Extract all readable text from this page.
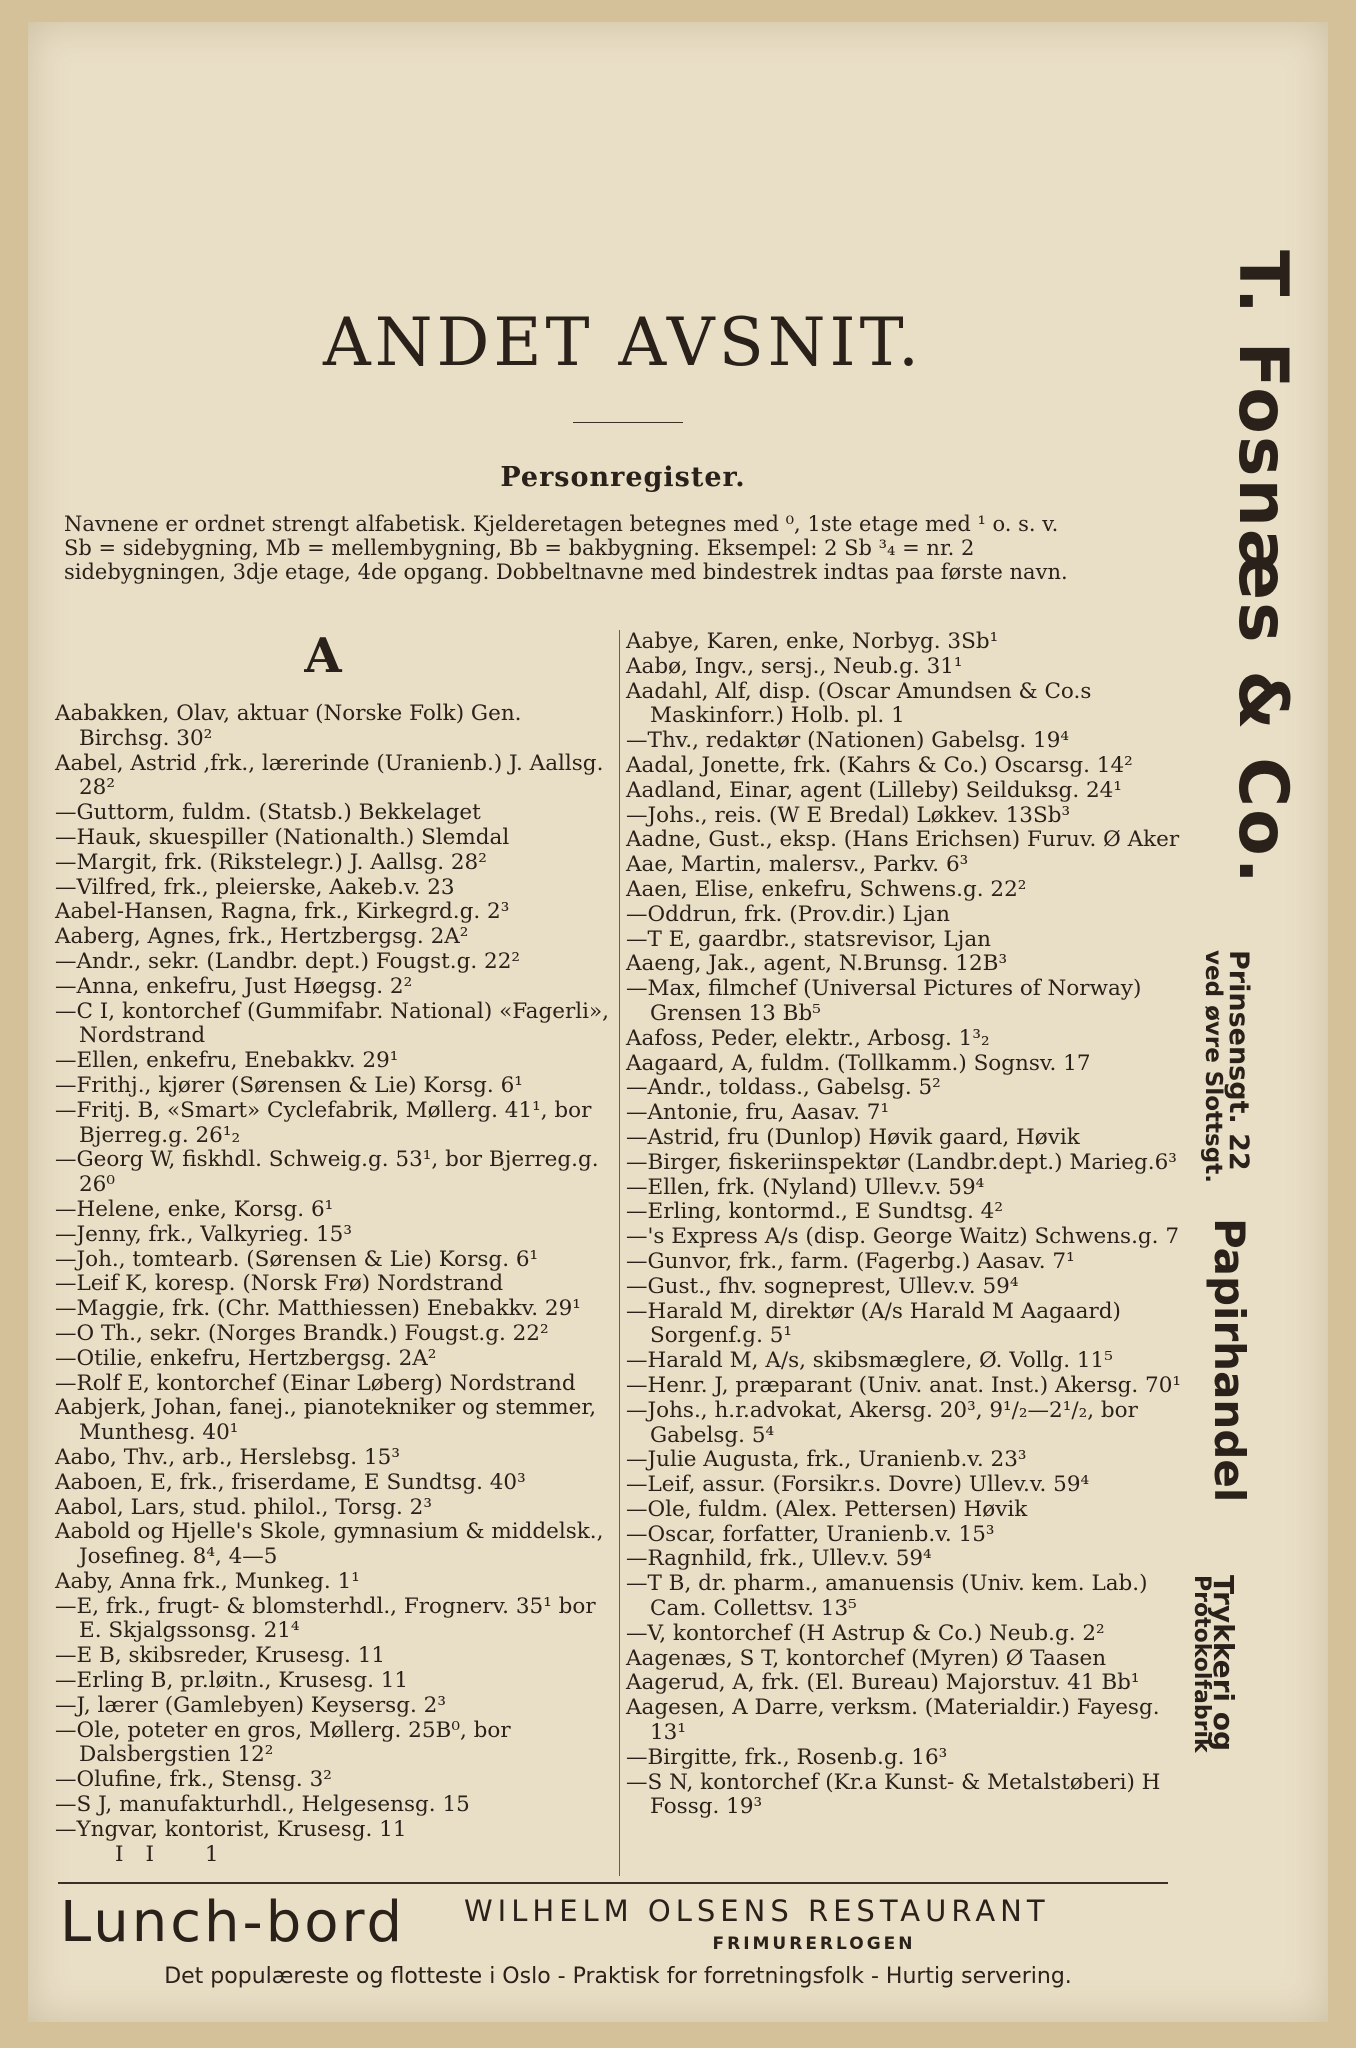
ANDET AVSNIT.
Personregister.

Navnene er ordnet strengt alfabetisk. Kjelderetagen betegnes med ⁰, 1ste etage med ¹ o. s. v.

Sb = sidebygning, Mb = mellembygning, Bb = bakbygning. Eksempel: 2 Sb ³₄ = nr. 2

sidebygningen, 3dje etage, 4de opgang. Dobbeltnavne med bindestrek indtas paa første navn.

A

Aabakken, Olav, aktuar (Norske Folk) Gen. Birchsg. 30²

Aabel, Astrid ,frk., lærerinde (Uranienb.) J. Aallsg. 28²

—Guttorm, fuldm. (Statsb.) Bekkelaget

—Hauk, skuespiller (Nationalth.) Slemdal

—Margit, frk. (Rikstelegr.) J. Aallsg. 28²

—Vilfred, frk., pleierske, Aakeb.v. 23

Aabel-Hansen, Ragna, frk., Kirkegrd.g. 2³

Aaberg, Agnes, frk., Hertzbergsg. 2A²

—Andr., sekr. (Landbr. dept.) Fougst.g. 22²

—Anna, enkefru, Just Høegsg. 2²

—C I, kontorchef (Gummifabr. National) «Fagerli», Nordstrand

—Ellen, enkefru, Enebakkv. 29¹

—Frithj., kjører (Sørensen & Lie) Korsg. 6¹

—Fritj. B, «Smart» Cyclefabrik, Møllerg. 41¹, bor Bjerreg.g. 26¹₂

—Georg W, fiskhdl. Schweig.g. 53¹, bor Bjerreg.g. 26⁰

—Helene, enke, Korsg. 6¹

—Jenny, frk., Valkyrieg. 15³

—Joh., tomtearb. (Sørensen & Lie) Korsg. 6¹

—Leif K, koresp. (Norsk Frø) Nordstrand

—Maggie, frk. (Chr. Matthiessen) Enebakkv. 29¹

—O Th., sekr. (Norges Brandk.) Fougst.g. 22²

—Otilie, enkefru, Hertzbergsg. 2A²

—Rolf E, kontorchef (Einar Løberg) Nordstrand

Aabjerk, Johan, fanej., pianotekniker og stemmer, Munthesg. 40¹

Aabo, Thv., arb., Herslebsg. 15³

Aaboen, E, frk., friserdame, E Sundtsg. 40³

Aabol, Lars, stud. philol., Torsg. 2³

Aabold og Hjelle's Skole, gymnasium & middelsk., Josefineg. 8⁴, 4—5

Aaby, Anna frk., Munkeg. 1¹

—E, frk., frugt- & blomsterhdl., Frognerv. 35¹ bor E. Skjalgssonsg. 21⁴

—E B, skibsreder, Krusesg. 11

—Erling B, pr.løitn., Krusesg. 11

—J, lærer (Gamlebyen) Keysersg. 2³

—Ole, poteter en gros, Møllerg. 25B⁰, bor Dalsbergstien 12²

—Olufine, frk., Stensg. 3²

—S J, manufakturhdl., Helgesensg. 15

—Yngvar, kontorist, Krusesg. 11

II 1

Aabye, Karen, enke, Norbyg. 3Sb¹

Aabø, Ingv., sersj., Neub.g. 31¹

Aadahl, Alf, disp. (Oscar Amundsen & Co.s Maskinforr.) Holb. pl. 1

—Thv., redaktør (Nationen) Gabelsg. 19⁴

Aadal, Jonette, frk. (Kahrs & Co.) Oscarsg. 14²

Aadland, Einar, agent (Lilleby) Seilduksg. 24¹

—Johs., reis. (W E Bredal) Løkkev. 13Sb³

Aadne, Gust., eksp. (Hans Erichsen) Furuv. Ø Aker

Aae, Martin, malersv., Parkv. 6³

Aaen, Elise, enkefru, Schwens.g. 22²

—Oddrun, frk. (Prov.dir.) Ljan

—T E, gaardbr., statsrevisor, Ljan

Aaeng, Jak., agent, N.Brunsg. 12B³

—Max, filmchef (Universal Pictures of Norway) Grensen 13 Bb⁵

Aafoss, Peder, elektr., Arbosg. 1³₂

Aagaard, A, fuldm. (Tollkamm.) Sognsv. 17

—Andr., toldass., Gabelsg. 5²

—Antonie, fru, Aasav. 7¹

—Astrid, fru (Dunlop) Høvik gaard, Høvik

—Birger, fiskeriinspektør (Landbr.dept.) Marieg.6³

—Ellen, frk. (Nyland) Ullev.v. 59⁴

—Erling, kontormd., E Sundtsg. 4²

—'s Express A/s (disp. George Waitz) Schwens.g. 7

—Gunvor, frk., farm. (Fagerbg.) Aasav. 7¹

—Gust., fhv. sogneprest, Ullev.v. 59⁴

—Harald M, direktør (A/s Harald M Aagaard) Sorgenf.g. 5¹

—Harald M, A/s, skibsmæglere, Ø. Vollg. 11⁵

—Henr. J, præparant (Univ. anat. Inst.) Akersg. 70¹

—Johs., h.r.advokat, Akersg. 20³, 9¹/₂—2¹/₂, bor Gabelsg. 5⁴

—Julie Augusta, frk., Uranienb.v. 23³

—Leif, assur. (Forsikr.s. Dovre) Ullev.v. 59⁴

—Ole, fuldm. (Alex. Pettersen) Høvik

—Oscar, forfatter, Uranienb.v. 15³

—Ragnhild, frk., Ullev.v. 59⁴

—T B, dr. pharm., amanuensis (Univ. kem. Lab.) Cam. Collettsv. 13⁵

—V, kontorchef (H Astrup & Co.) Neub.g. 2²

Aagenæs, S T, kontorchef (Myren) Ø Taasen

Aagerud, A, frk. (El. Bureau) Majorstuv. 41 Bb¹

Aagesen, A Darre, verksm. (Materialdir.) Fayesg. 13¹

—Birgitte, frk., Rosenb.g. 16³

—S N, kontorchef (Kr.a Kunst- & Metalstøberi) H Fossg. 19³

T. Fosnæs & Co.
Prinsensgt. 22
ved øvre Slottsgt.
Papirhandel
Trykkeri og
Protokolfabrik
Lunch-bord WILHELM OLSENS RESTAURANT
FRIMURERLOGEN
Det populæreste og flotteste i Oslo - Praktisk for forretningsfolk - Hurtig servering.
